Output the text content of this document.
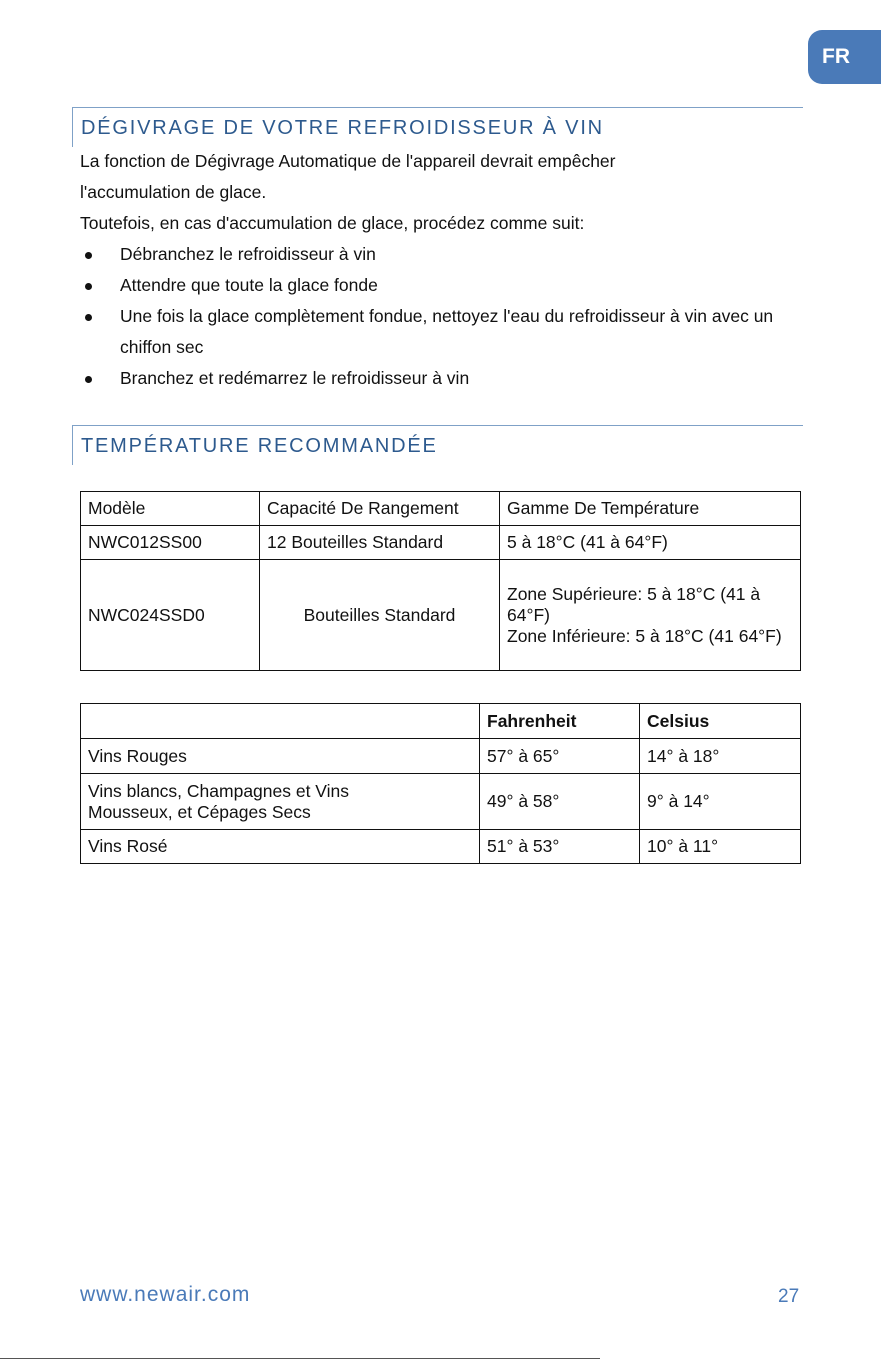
FR
DÉGIVRAGE DE VOTRE REFROIDISSEUR À VIN

La fonction de Dégivrage Automatique de l'appareil devrait empêcher l'accumulation de glace.

Toutefois, en cas d'accumulation de glace, procédez comme suit:

Débranchez le refroidisseur à vin
Attendre que toute la glace fonde
Une fois la glace complètement fondue, nettoyez l'eau du refroidisseur à vin avec un chiffon sec
Branchez et redémarrez le refroidisseur à vin
TEMPÉRATURE RECOMMANDÉE
Modèle	Capacité De Rangement	Gamme De Température
NWC012SS00	12 Bouteilles Standard	5 à 18°C (41 à 64°F)
NWC024SSD0	Bouteilles Standard	Zone Supérieure: 5 à 18°C (41 à 64°F)
Zone Inférieure: 5 à 18°C (41 64°F)
	Fahrenheit	Celsius
Vins Rouges	57° à 65°	14° à 18°
Vins blancs, Champagnes et Vins Mousseux, et Cépages Secs	49° à 58°	9° à 14°
Vins Rosé	51° à 53°	10° à 11°
www.newair.com	27
